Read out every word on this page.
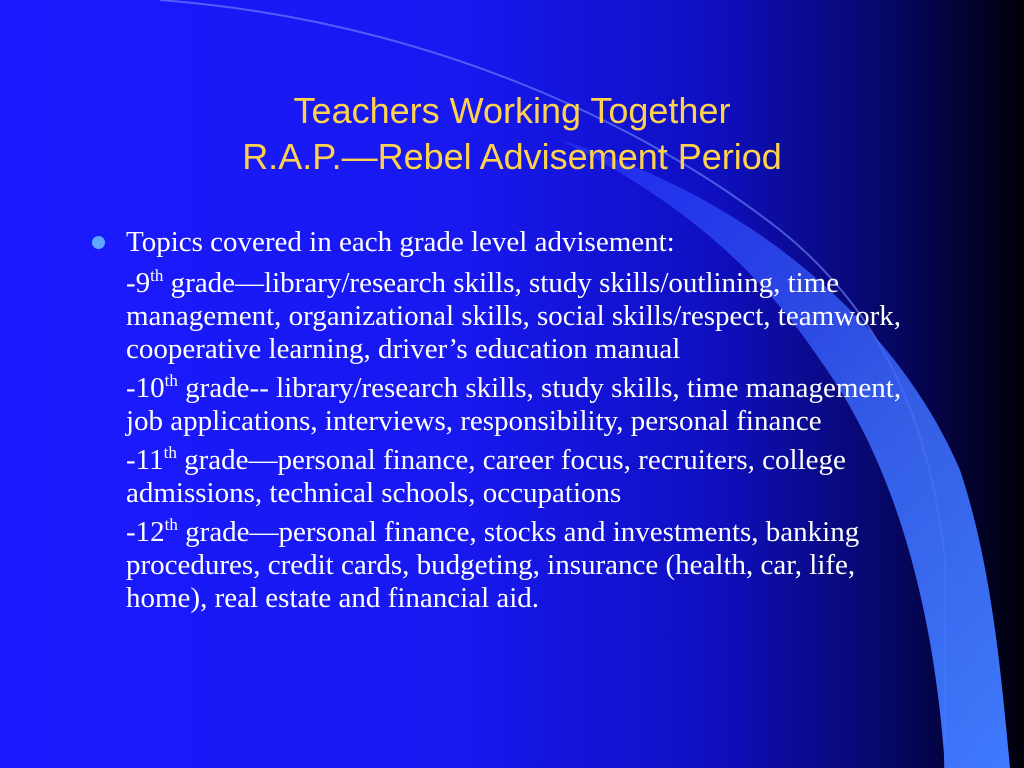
Teachers Working Together
R.A.P.—Rebel Advisement Period
Topics covered in each grade level advisement:
-9th grade—library/research skills, study skills/outlining, time management, organizational skills, social skills/respect, teamwork, cooperative learning, driver’s education manual
-10th grade-- library/research skills, study skills, time management, job applications, interviews, responsibility, personal finance
-11th grade—personal finance, career focus, recruiters, college admissions, technical schools, occupations
-12th grade—personal finance, stocks and investments, banking procedures, credit cards, budgeting, insurance (health, car, life, home), real estate and financial aid.
